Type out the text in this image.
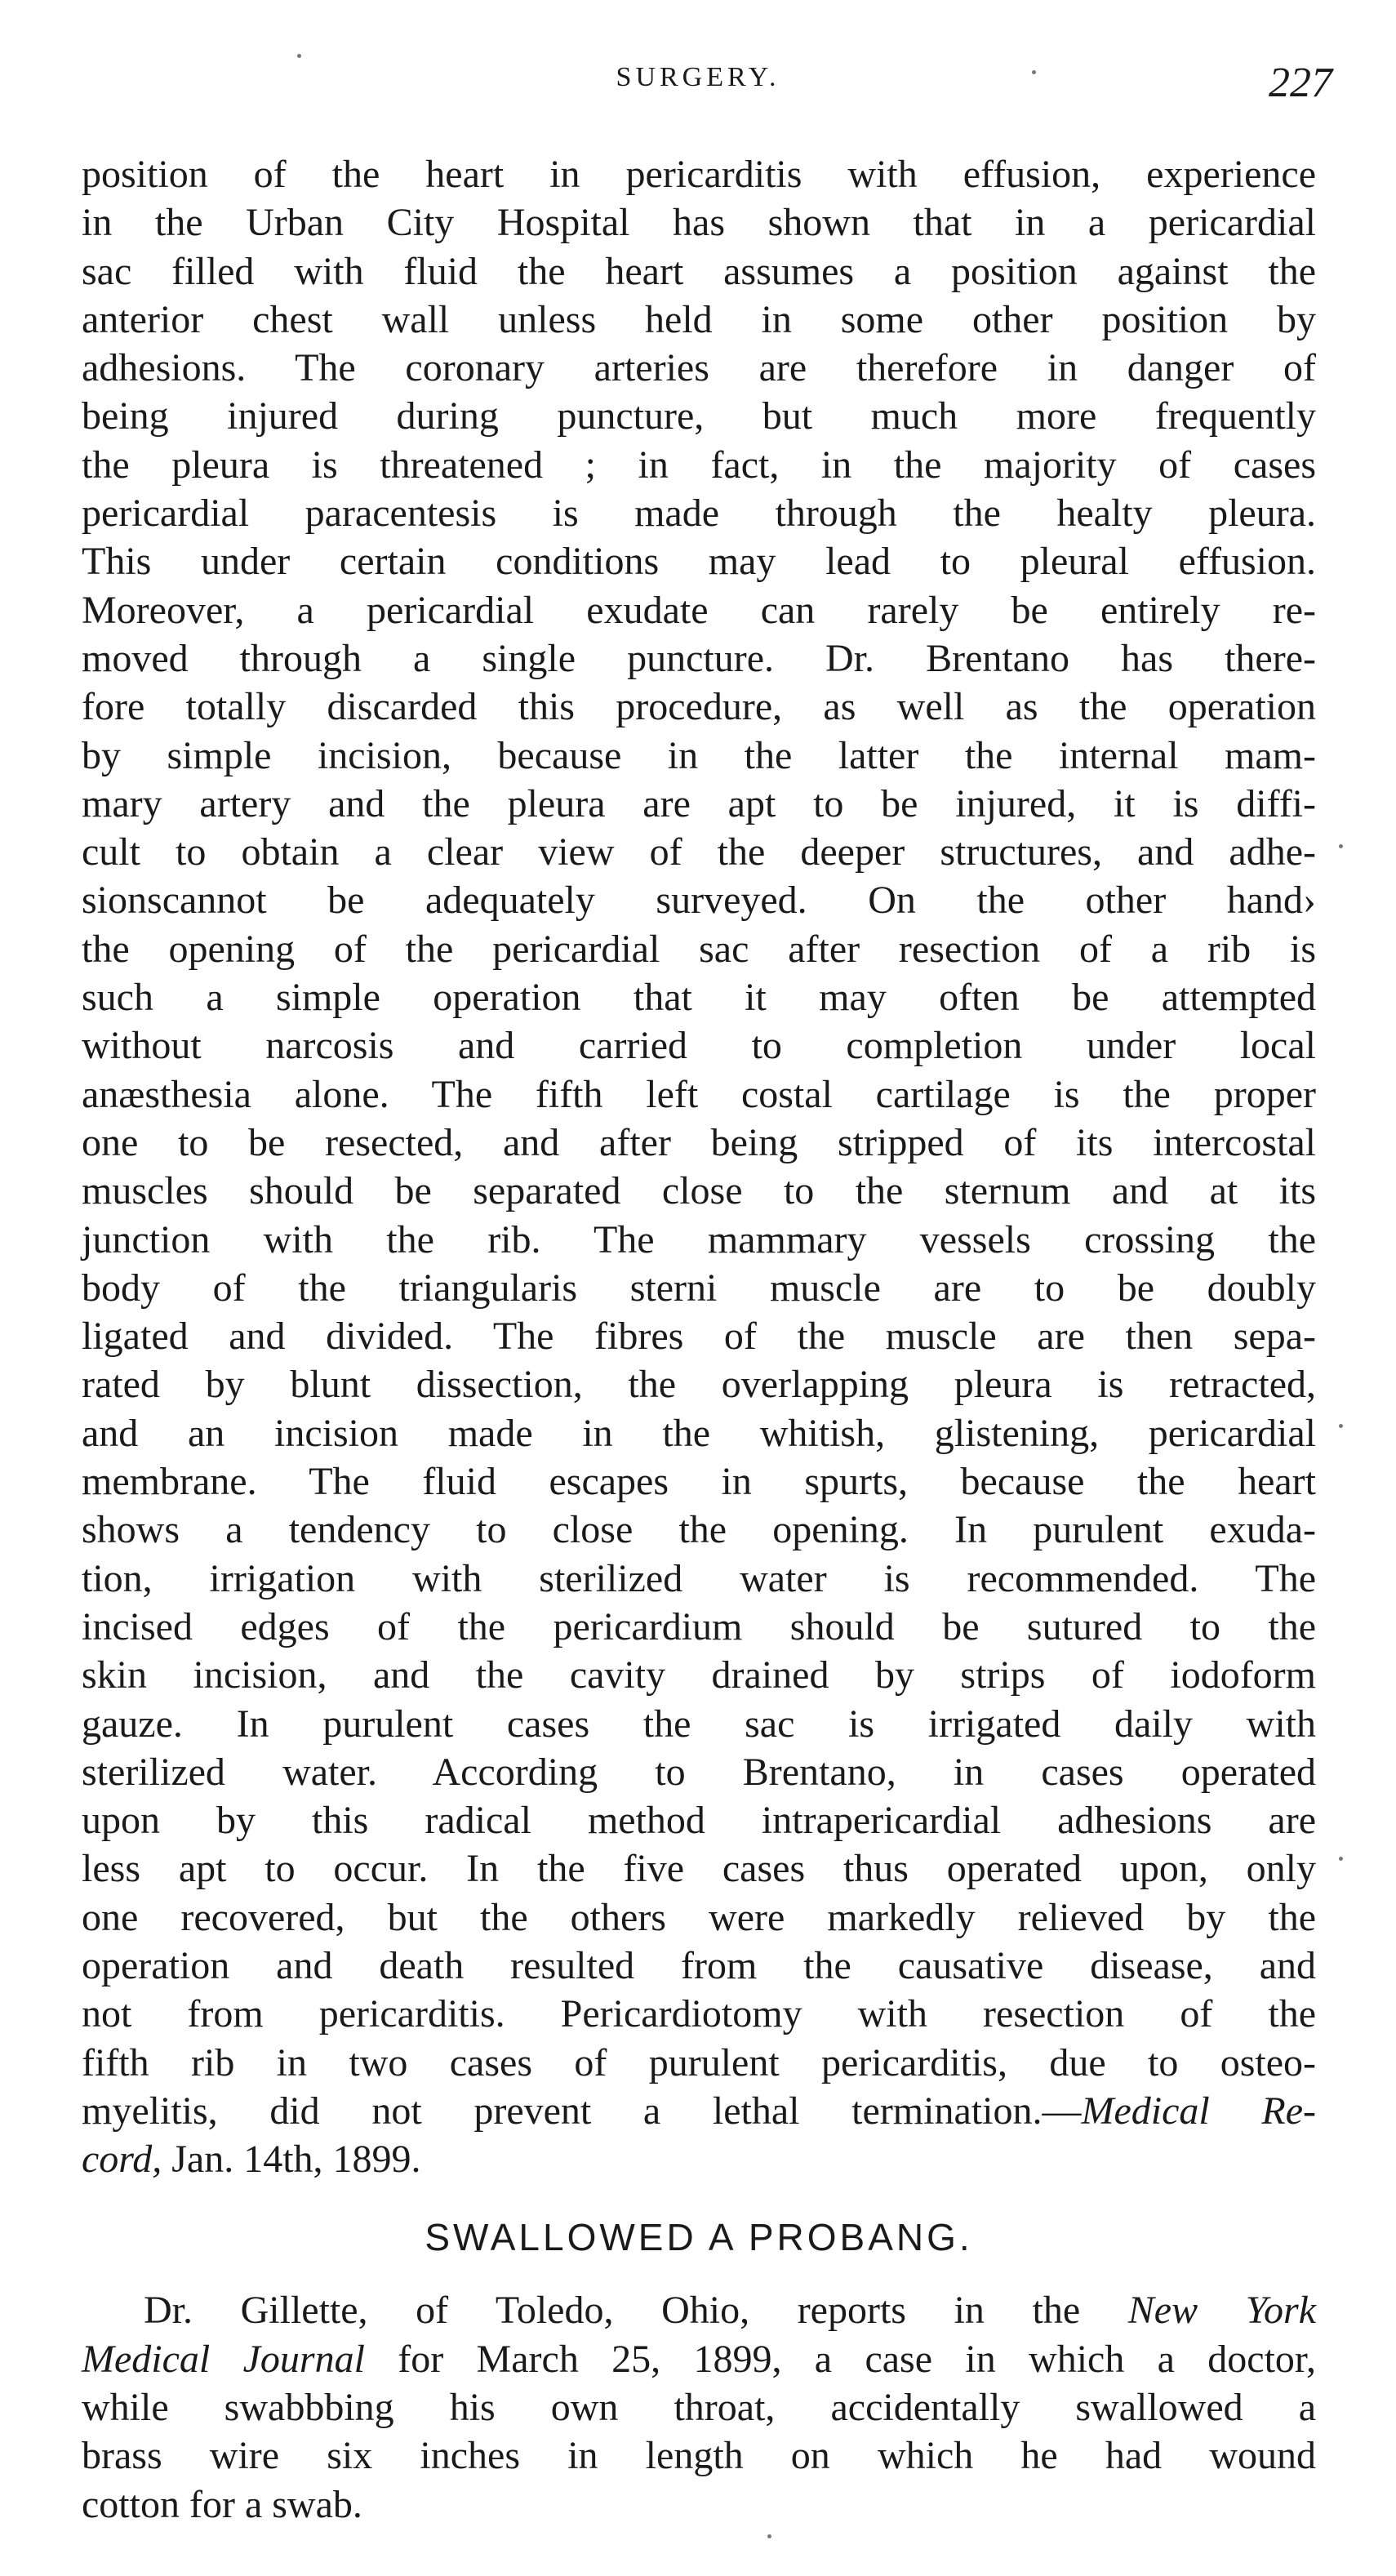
SURGERY.	227
position of the heart in pericarditis with effusion, experience
in the Urban City Hospital has shown that in a pericardial
sac filled with fluid the heart assumes a position against the
anterior chest wall unless held in some other position by
adhesions. The coronary arteries are therefore in danger of
being injured during puncture, but much more frequently
the pleura is threatened ; in fact, in the majority of cases
pericardial paracentesis is made through the healty pleura.
This under certain conditions may lead to pleural effusion.
Moreover, a pericardial exudate can rarely be entirely re-
moved through a single puncture. Dr. Brentano has there-
fore totally discarded this procedure, as well as the operation
by simple incision, because in the latter the internal mam-
mary artery and the pleura are apt to be injured, it is diffi-
cult to obtain a clear view of the deeper structures, and adhe-
sionscannot be adequately surveyed. On the other hand›
the opening of the pericardial sac after resection of a rib is
such a simple operation that it may often be attempted
without narcosis and carried to completion under local
anæsthesia alone. The fifth left costal cartilage is the proper
one to be resected, and after being stripped of its intercostal
muscles should be separated close to the sternum and at its
junction with the rib. The mammary vessels crossing the
body of the triangularis sterni muscle are to be doubly
ligated and divided. The fibres of the muscle are then sepa-
rated by blunt dissection, the overlapping pleura is retracted,
and an incision made in the whitish, glistening, pericardial
membrane. The fluid escapes in spurts, because the heart
shows a tendency to close the opening. In purulent exuda-
tion, irrigation with sterilized water is recommended. The
incised edges of the pericardium should be sutured to the
skin incision, and the cavity drained by strips of iodoform
gauze. In purulent cases the sac is irrigated daily with
sterilized water. According to Brentano, in cases operated
upon by this radical method intrapericardial adhesions are
less apt to occur. In the five cases thus operated upon, only
one recovered, but the others were markedly relieved by the
operation and death resulted from the causative disease, and
not from pericarditis. Pericardiotomy with resection of the
fifth rib in two cases of purulent pericarditis, due to osteo-
myelitis, did not prevent a lethal termination.—Medical Re-
cord, Jan. 14th, 1899.
SWALLOWED A PROBANG.
Dr. Gillette, of Toledo, Ohio, reports in the New York
Medical Journal for March 25, 1899, a case in which a doctor,
while swabbbing his own throat, accidentally swallowed a
brass wire six inches in length on which he had wound
cotton for a swab.
